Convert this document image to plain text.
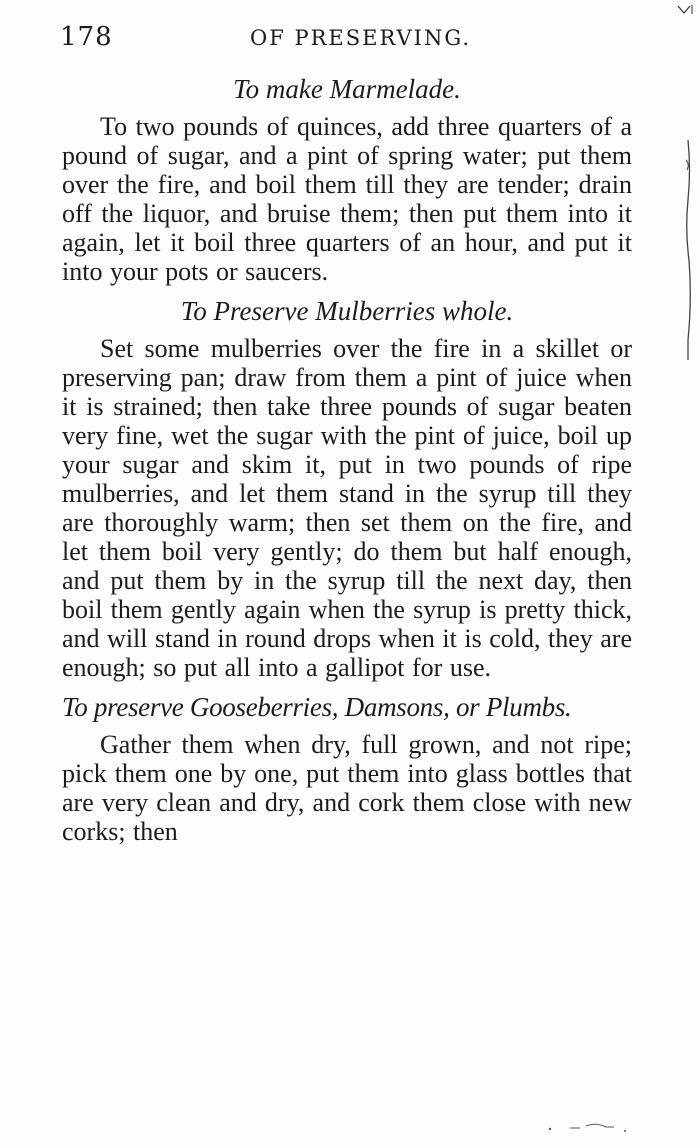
178	OF PRESERVING.

To make Marmelade.

To two pounds of quinces, add three quarters of a pound of sugar, and a pint of spring water; put them over the fire, and boil them till they are tender; drain off the liquor, and bruise them; then put them into it again, let it boil three quarters of an hour, and put it into your pots or saucers.

To Preserve Mulberries whole.

Set some mulberries over the fire in a skillet or preserving pan; draw from them a pint of juice when it is strained; then take three pounds of sugar beaten very fine, wet the sugar with the pint of juice, boil up your sugar and skim it, put in two pounds of ripe mulberries, and let them stand in the syrup till they are thoroughly warm; then set them on the fire, and let them boil very gently; do them but half enough, and put them by in the syrup till the next day, then boil them gently again when the syrup is pretty thick, and will stand in round drops when it is cold, they are enough; so put all into a gallipot for use.

To preserve Gooseberries, Damsons, or Plumbs.

Gather them when dry, full grown, and not ripe; pick them one by one, put them into glass bottles that are very clean and dry, and cork them close with new corks; then
